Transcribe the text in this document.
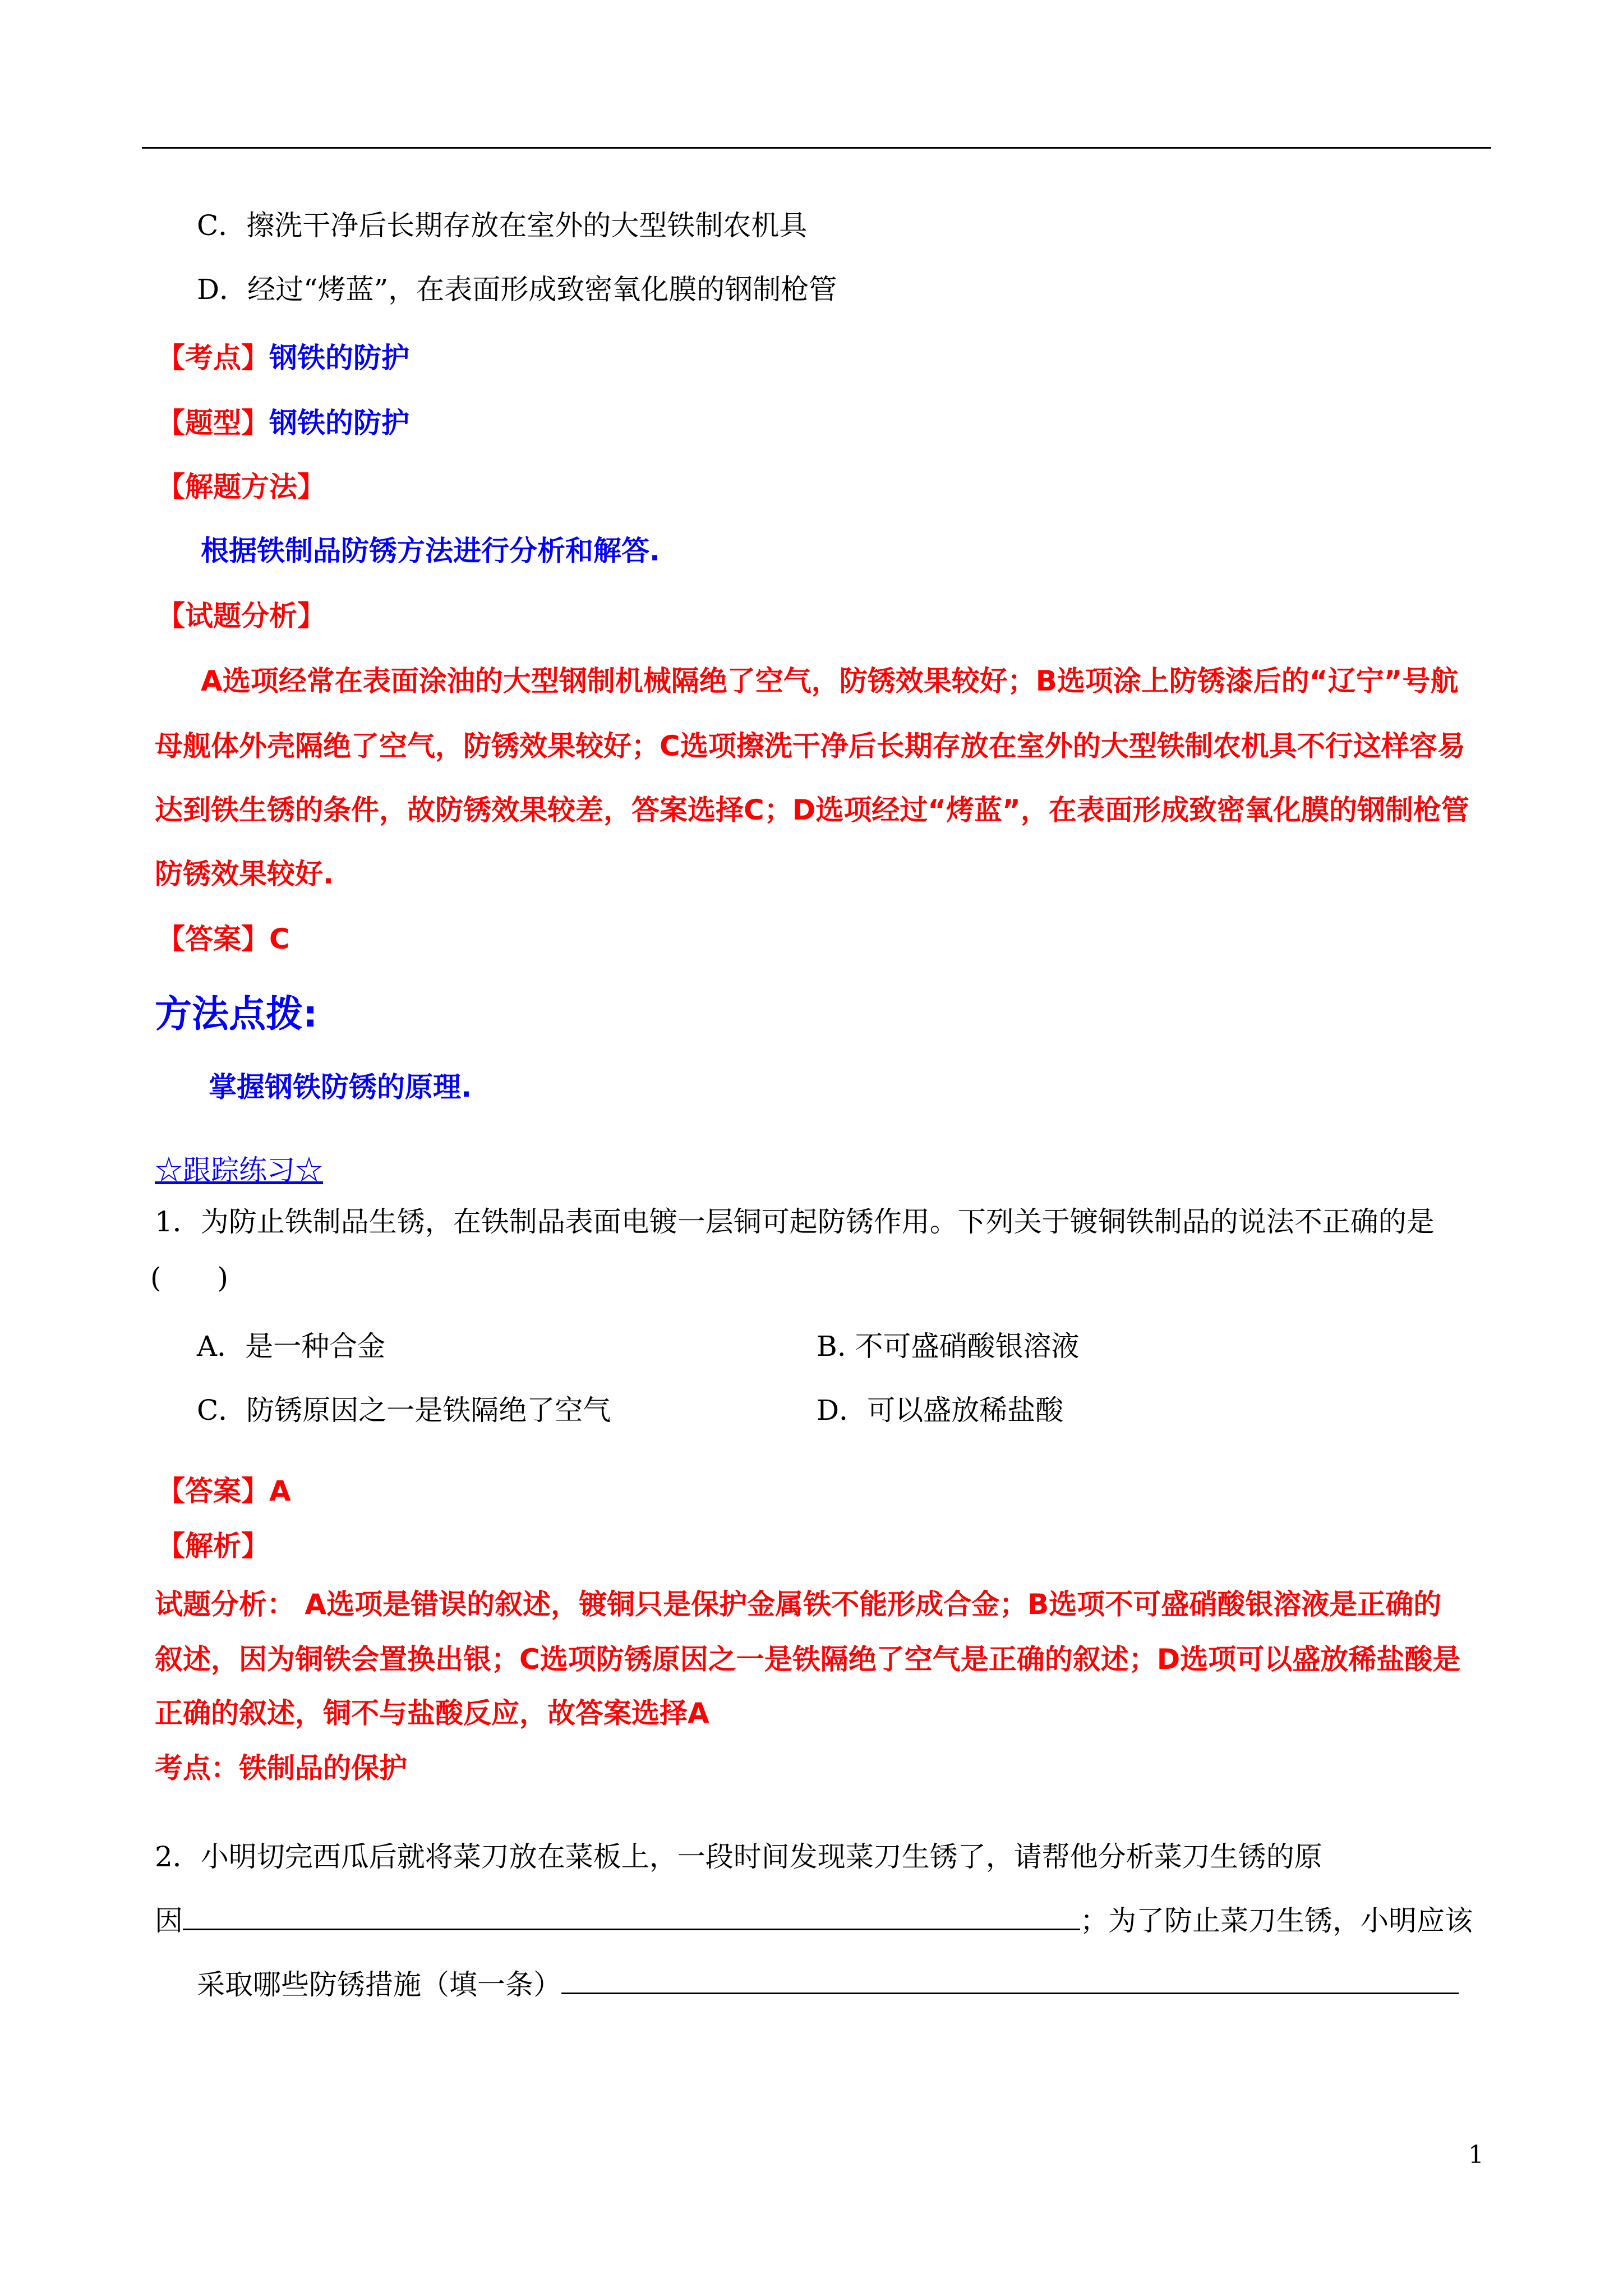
C．擦洗干净后长期存放在室外的大型铁制农机具
D．经过“烤蓝”，在表面形成致密氧化膜的钢制枪管
【考点】钢铁的防护
【题型】钢铁的防护
【解题方法】
根据铁制品防锈方法进行分析和解答.
【试题分析】
A选项经常在表面涂油的大型钢制机械隔绝了空气，防锈效果较好；B选项涂上防锈漆后的“辽宁”号航
母舰体外壳隔绝了空气，防锈效果较好；C选项擦洗干净后长期存放在室外的大型铁制农机具不行这样容易
达到铁生锈的条件，故防锈效果较差，答案选择C；D选项经过“烤蓝”，在表面形成致密氧化膜的钢制枪管
防锈效果较好.
【答案】C
方法点拨:
掌握钢铁防锈的原理.
☆跟踪练习☆
1．为防止铁制品生锈，在铁制品表面电镀一层铜可起防锈作用。下列关于镀铜铁制品的说法不正确的是
(　　)
A．是一种合金	B. 不可盛硝酸银溶液
C．防锈原因之一是铁隔绝了空气	D．可以盛放稀盐酸
【答案】A
【解析】
试题分析： A选项是错误的叙述，镀铜只是保护金属铁不能形成合金；B选项不可盛硝酸银溶液是正确的
叙述，因为铜铁会置换出银；C选项防锈原因之一是铁隔绝了空气是正确的叙述；D选项可以盛放稀盐酸是
正确的叙述，铜不与盐酸反应，故答案选择A
考点：铁制品的保护
2．小明切完西瓜后就将菜刀放在菜板上，一段时间发现菜刀生锈了，请帮他分析菜刀生锈的原
因	；为了防止菜刀生锈，小明应该
采取哪些防锈措施（填一条）
1
